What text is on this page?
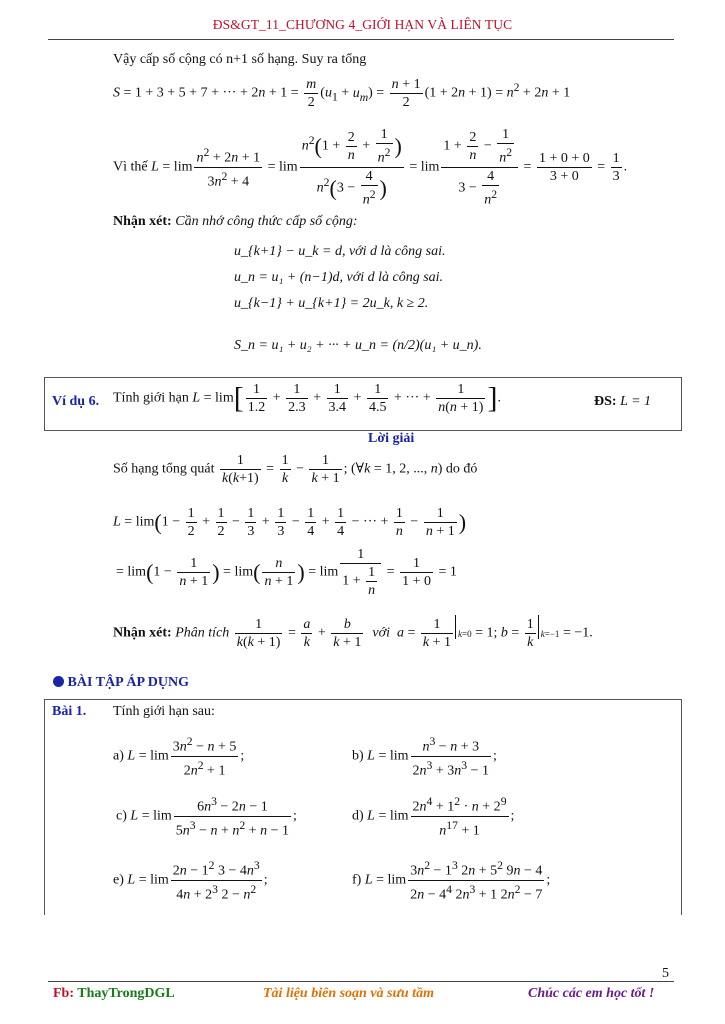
ĐS&GT_11_CHƯƠNG 4_GIỚI HẠN VÀ LIÊN TỤC
Vậy cấp số cộng có n+1 số hạng. Suy ra tổng
S = 1 + 3 + 5 + 7 + ··· + $2n + 1 = \frac{m}{2} (u_1 + u_m) = \frac{n + 1}{2} (1 + 2n + 1) = n^2 + 2n + 1$
Vì thế $L = \lim \frac{n^2 + 2n + 1}{3n^2 + 4} = \lim \frac{n^2(1 + \frac{2}{n} + \frac{1}{n^2} )}{n^2(3 - \frac{4}{n^2} )} = \lim \frac{1 + \frac{2}{n} - \frac{1}{n^2}}{3 - \frac{4}{n^2}} = \frac{1 + 0 + 0}{3 + 0} = \frac{1}{3}$ .
Nhận xét: Cần nhớ công thức cấp số cộng:
u_{k+1} − u_k = d, với d là công sai.
u_n = u₁ + (n−1)d, với d là công sai.
u_{k−1} + u_{k+1} = 2u_k, k ≥ 2.
S_n = u₁ + u₂ + ··· + u_n = (n/2)(u₁ + u_n).
Ví dụ 6. Tính giới hạn $L = \lim[ \frac{1}{1.2} + \frac{1}{2.3} + \frac{1}{3.4} + \frac{1}{4.5}$ + ··· + $\frac{1}{n(n + 1)}$ ].	ĐS: L = 1
Lời giải
Số hạng tổng quát $\frac{1}{k(k+1)} = \frac{1}{k} - \frac{1}{k + 1}$ ; (∀k = 1, 2, ..., n) do đó
$L = \lim(1 - \frac{1}{2} + \frac{1}{2} - \frac{1}{3} + \frac{1}{3} - \frac{1}{4} + \frac{1}{4}$ − ··· + $\frac{1}{n} - \frac{1}{n + 1}$ )
= $\lim(1 - \frac{1}{n + 1}$ ) = $\lim( \frac{n}{n + 1}$ ) = $\lim \frac{1}{1 + \frac{1}{n}} = \frac{1}{1 + 0} = 1$
Nhận xét: Phân tích $\frac{1}{k(k + 1)} = \frac{a}{k} + \frac{b}{k + 1}$ với  $a = \frac{1}{k + 1} k=0 = 1$; $b = \frac{1}{k} k=-1 = -1$.
BÀI TẬP ÁP DỤNG
Bài 1. Tính giới hạn sau:
a) $L = \lim \frac{3n^2 - n + 5}{2n^2 + 1}$ ;	b) $L = \lim \frac{n^3 - n + 3}{2n^3 + 3n^3 - 1}$ ;
c) $L = \lim \frac{6n^3 - 2n - 1}{5n^3 - n + n^2 + n - 1}$ ;	d) $L = \lim \frac{2n^4 + 1^2 \cdot n + 2^9}{n^{17} + 1}$ ;
e) $L = \lim \frac{2n - 1^2 3 - 4n^3}{4n + 2^3 2 - n^2}$ ;	f) $L = \lim \frac{3n^2 - 1^3 2n + 5^2 9n - 4}{2n - 4^4 2n^3 + 1 2n^2 - 7}$ ;
5
Fb: ThayTrongDGL	Tài liệu biên soạn và sưu tầm	Chúc các em học tốt !
